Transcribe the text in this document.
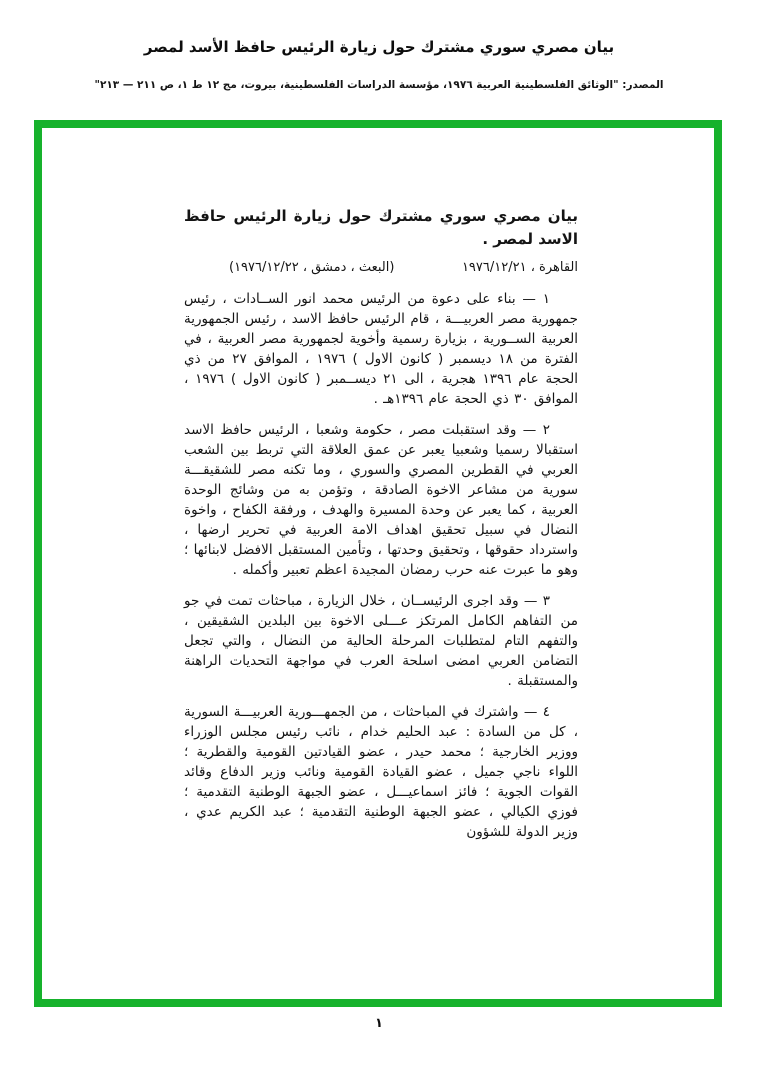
بيان مصري سوري مشترك حول زيارة الرئيس حافظ الأسد لمصر
المصدر: "الوثائق الفلسطينية العربية ١٩٧٦، مؤسسة الدراسات الفلسطينية، بيروت، مج ١٢ ط ١، ص ٢١١ — ٢١٣"

بيان مصري سوري مشترك حول زيارة الرئيس حافظ الاسد لمصر .

القاهرة ، ١٩٧٦/١٢/٢١
(البعث ، دمشق ، ١٩٧٦/١٢/٢٢)

١ — بناء على دعوة من الرئيس محمد انور الســادات ، رئيس جمهورية مصر العربيـــة ، قام الرئيس حافظ الاسد ، رئيس الجمهورية العربية الســورية ، بزيارة رسمية وأخوية لجمهورية مصر العربية ، في الفترة من ١٨ ديسمبر ( كانون الاول ) ١٩٧٦ ، الموافق ٢٧ من ذي الحجة عام ١٣٩٦ هجرية ، الى ٢١ ديســمبر ( كانون الاول ) ١٩٧٦ ، الموافق ٣٠ ذي الحجة عام ١٣٩٦هـ .

٢ — وقد استقبلت مصر ، حكومة وشعبا ، الرئيس حافظ الاسد استقبالا رسميا وشعبيا يعبر عن عمق العلاقة التي تربط بين الشعب العربي في القطرين المصري والسوري ، وما تكنه مصر للشقيقـــة سورية من مشاعر الاخوة الصادقة ، وتؤمن به من وشائج الوحدة العربية ، كما يعبر عن وحدة المسيرة والهدف ، ورفقة الكفاح ، واخوة النضال في سبيل تحقيق اهداف الامة العربية في تحرير ارضها ، واسترداد حقوقها ، وتحقيق وحدتها ، وتأمين المستقبل الافضل لابنائها ؛ وهو ما عبرت عنه حرب رمضان المجيدة اعظم تعبير وأكمله .

٣ — وقد اجرى الرئيســان ، خلال الزيارة ، مباحثات تمت في جو من التفاهم الكامل المرتكز عـــلى الاخوة بين البلدين الشقيقين ، والتفهم التام لمتطلبات المرحلة الحالية من النضال ، والتي تجعل التضامن العربي امضى اسلحة العرب في مواجهة التحديات الراهنة والمستقبلة .

٤ — واشترك في المباحثات ، من الجمهـــورية العربيـــة السورية ، كل من السادة : عبد الحليم خدام ، نائب رئيس مجلس الوزراء ووزير الخارجية ؛ محمد حيدر ، عضو القيادتين القومية والقطرية ؛ اللواء ناجي جميل ، عضو القيادة القومية ونائب وزير الدفاع وقائد القوات الجوية ؛ فائز اسماعيـــل ، عضو الجبهة الوطنية التقدمية ؛ فوزي الكيالي ، عضو الجبهة الوطنية التقدمية ؛ عبد الكريم عدي ، وزير الدولة للشؤون

١
